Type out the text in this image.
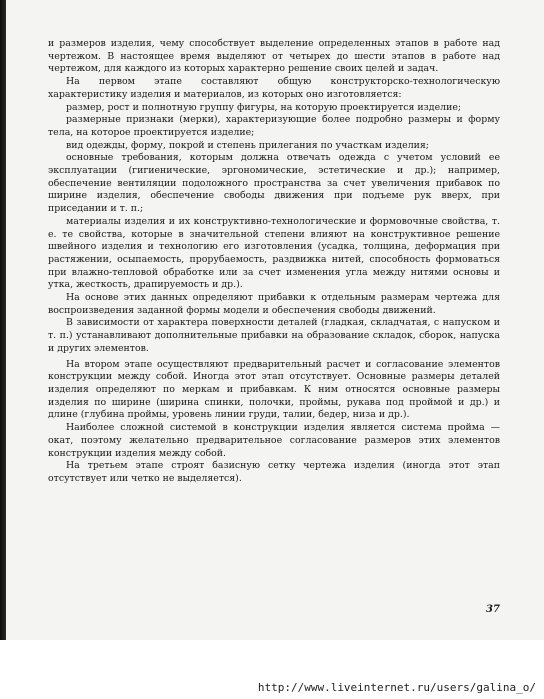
и размеров изделия, чему способствует выделение определенных этапов в работе над чертежом. В настоящее время выделяют от четырех до шести этапов в работе над чертежом, для каждого из которых характерно решение своих целей и задач.

На первом этапе составляют общую конструкторско-технологическую характеристику изделия и материалов, из которых оно изготовляется:

размер, рост и полнотную группу фигуры, на которую проектируется изделие;

размерные признаки (мерки), характеризующие более подробно размеры и форму тела, на которое проектируется изделие;

вид одежды, форму, покрой и степень прилегания по участкам изделия;

основные требования, которым должна отвечать одежда с учетом условий ее эксплуатации (гигиенические, эргономические, эстетические и др.); например, обеспечение вентиляции подоложного пространства за счет увеличения прибавок по ширине изделия, обеспечение свободы движения при подъеме рук вверх, при приседании и т. п.;

материалы изделия и их конструктивно-технологические и формовочные свойства, т. е. те свойства, которые в значительной степени влияют на конструктивное решение швейного изделия и технологию его изготовления (усадка, толщина, деформация при растяжении, осыпаемость, прорубаемость, раздвижка нитей, способность формоваться при влажно-тепловой обработке или за счет изменения угла между нитями основы и утка, жесткость, драпируемость и др.).

На основе этих данных определяют прибавки к отдельным размерам чертежа для воспроизведения заданной формы модели и обеспечения свободы движений.

В зависимости от характера поверхности деталей (гладкая, складчатая, с напуском и т. п.) устанавливают дополнительные прибавки на образование складок, сборок, напуска и других элементов.

На втором этапе осуществляют предварительный расчет и согласование элементов конструкции между собой. Иногда этот этап отсутствует. Основные размеры деталей изделия определяют по меркам и прибавкам. К ним относятся основные размеры изделия по ширине (ширина спинки, полочки, проймы, рукава под проймой и др.) и длине (глубина проймы, уровень линии груди, талии, бедер, низа и др.).

Наиболее сложной системой в конструкции изделия является система пройма — окат, поэтому желательно предварительное согласование размеров этих элементов конструкции изделия между собой.

На третьем этапе строят базисную сетку чертежа изделия (иногда этот этап отсутствует или четко не выделяется).

37
http://www.liveinternet.ru/users/galina_o/
